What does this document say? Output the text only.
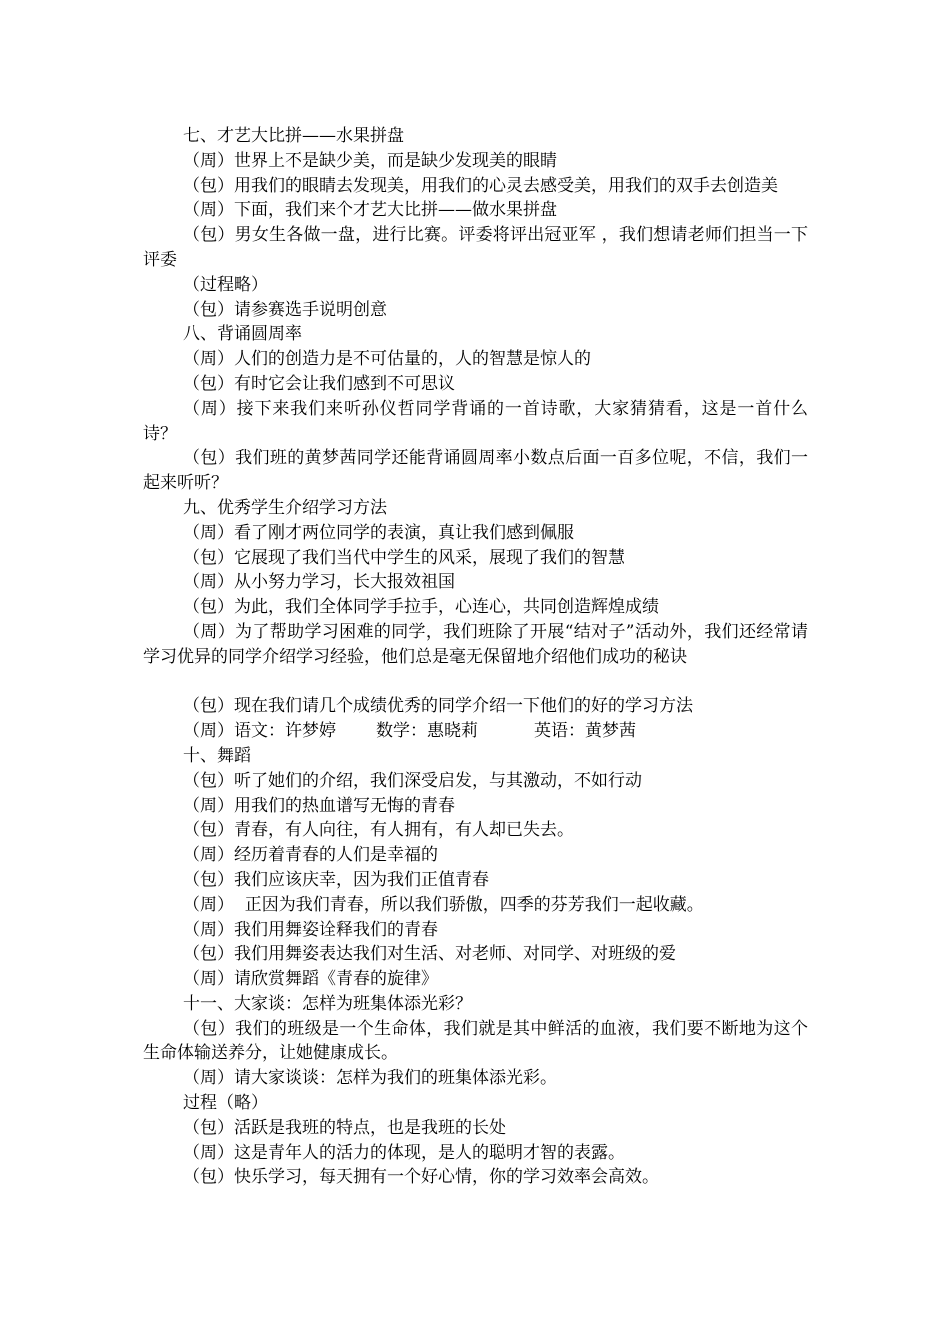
七、才艺大比拼——水果拼盘
（周）世界上不是缺少美，而是缺少发现美的眼睛
（包）用我们的眼睛去发现美，用我们的心灵去感受美，用我们的双手去创造美
（周）下面，我们来个才艺大比拼——做水果拼盘
（包）男女生各做一盘，进行比赛。评委将评出冠亚军 ，我们想请老师们担当一下评委
（过程略）
（包）请参赛选手说明创意
八、背诵圆周率
（周）人们的创造力是不可估量的，人的智慧是惊人的
（包）有时它会让我们感到不可思议
（周）接下来我们来听孙仪哲同学背诵的一首诗歌，大家猜猜看，这是一首什么诗？
（包）我们班的黄梦茜同学还能背诵圆周率小数点后面一百多位呢，不信，我们一起来听听？
九、优秀学生介绍学习方法
（周）看了刚才两位同学的表演，真让我们感到佩服
（包）它展现了我们当代中学生的风采，展现了我们的智慧
（周）从小努力学习，长大报效祖国
（包）为此，我们全体同学手拉手，心连心，共同创造辉煌成绩
（周）为了帮助学习困难的同学，我们班除了开展“结对子”活动外，我们还经常请学习优异的同学介绍学习经验，他们总是毫无保留地介绍他们成功的秘诀
（包）现在我们请几个成绩优秀的同学介绍一下他们的好的学习方法
（周）语文：许梦婷 数学：惠晓莉	英语：黄梦茜
十、舞蹈
（包）听了她们的介绍，我们深受启发，与其激动，不如行动
（周）用我们的热血谱写无悔的青春
（包）青春，有人向往，有人拥有，有人却已失去。
（周）经历着青春的人们是幸福的
（包）我们应该庆幸，因为我们正值青春
（周）  正因为我们青春，所以我们骄傲，四季的芬芳我们一起收藏。
（周）我们用舞姿诠释我们的青春
（包）我们用舞姿表达我们对生活、对老师、对同学、对班级的爱
（周）请欣赏舞蹈《青春的旋律》
十一、大家谈：怎样为班集体添光彩？
（包）我们的班级是一个生命体，我们就是其中鲜活的血液，我们要不断地为这个生命体输送养分，让她健康成长。
（周）请大家谈谈：怎样为我们的班集体添光彩。
过程（略）
（包）活跃是我班的特点，也是我班的长处
（周）这是青年人的活力的体现，是人的聪明才智的表露。
（包）快乐学习，每天拥有一个好心情，你的学习效率会高效。
